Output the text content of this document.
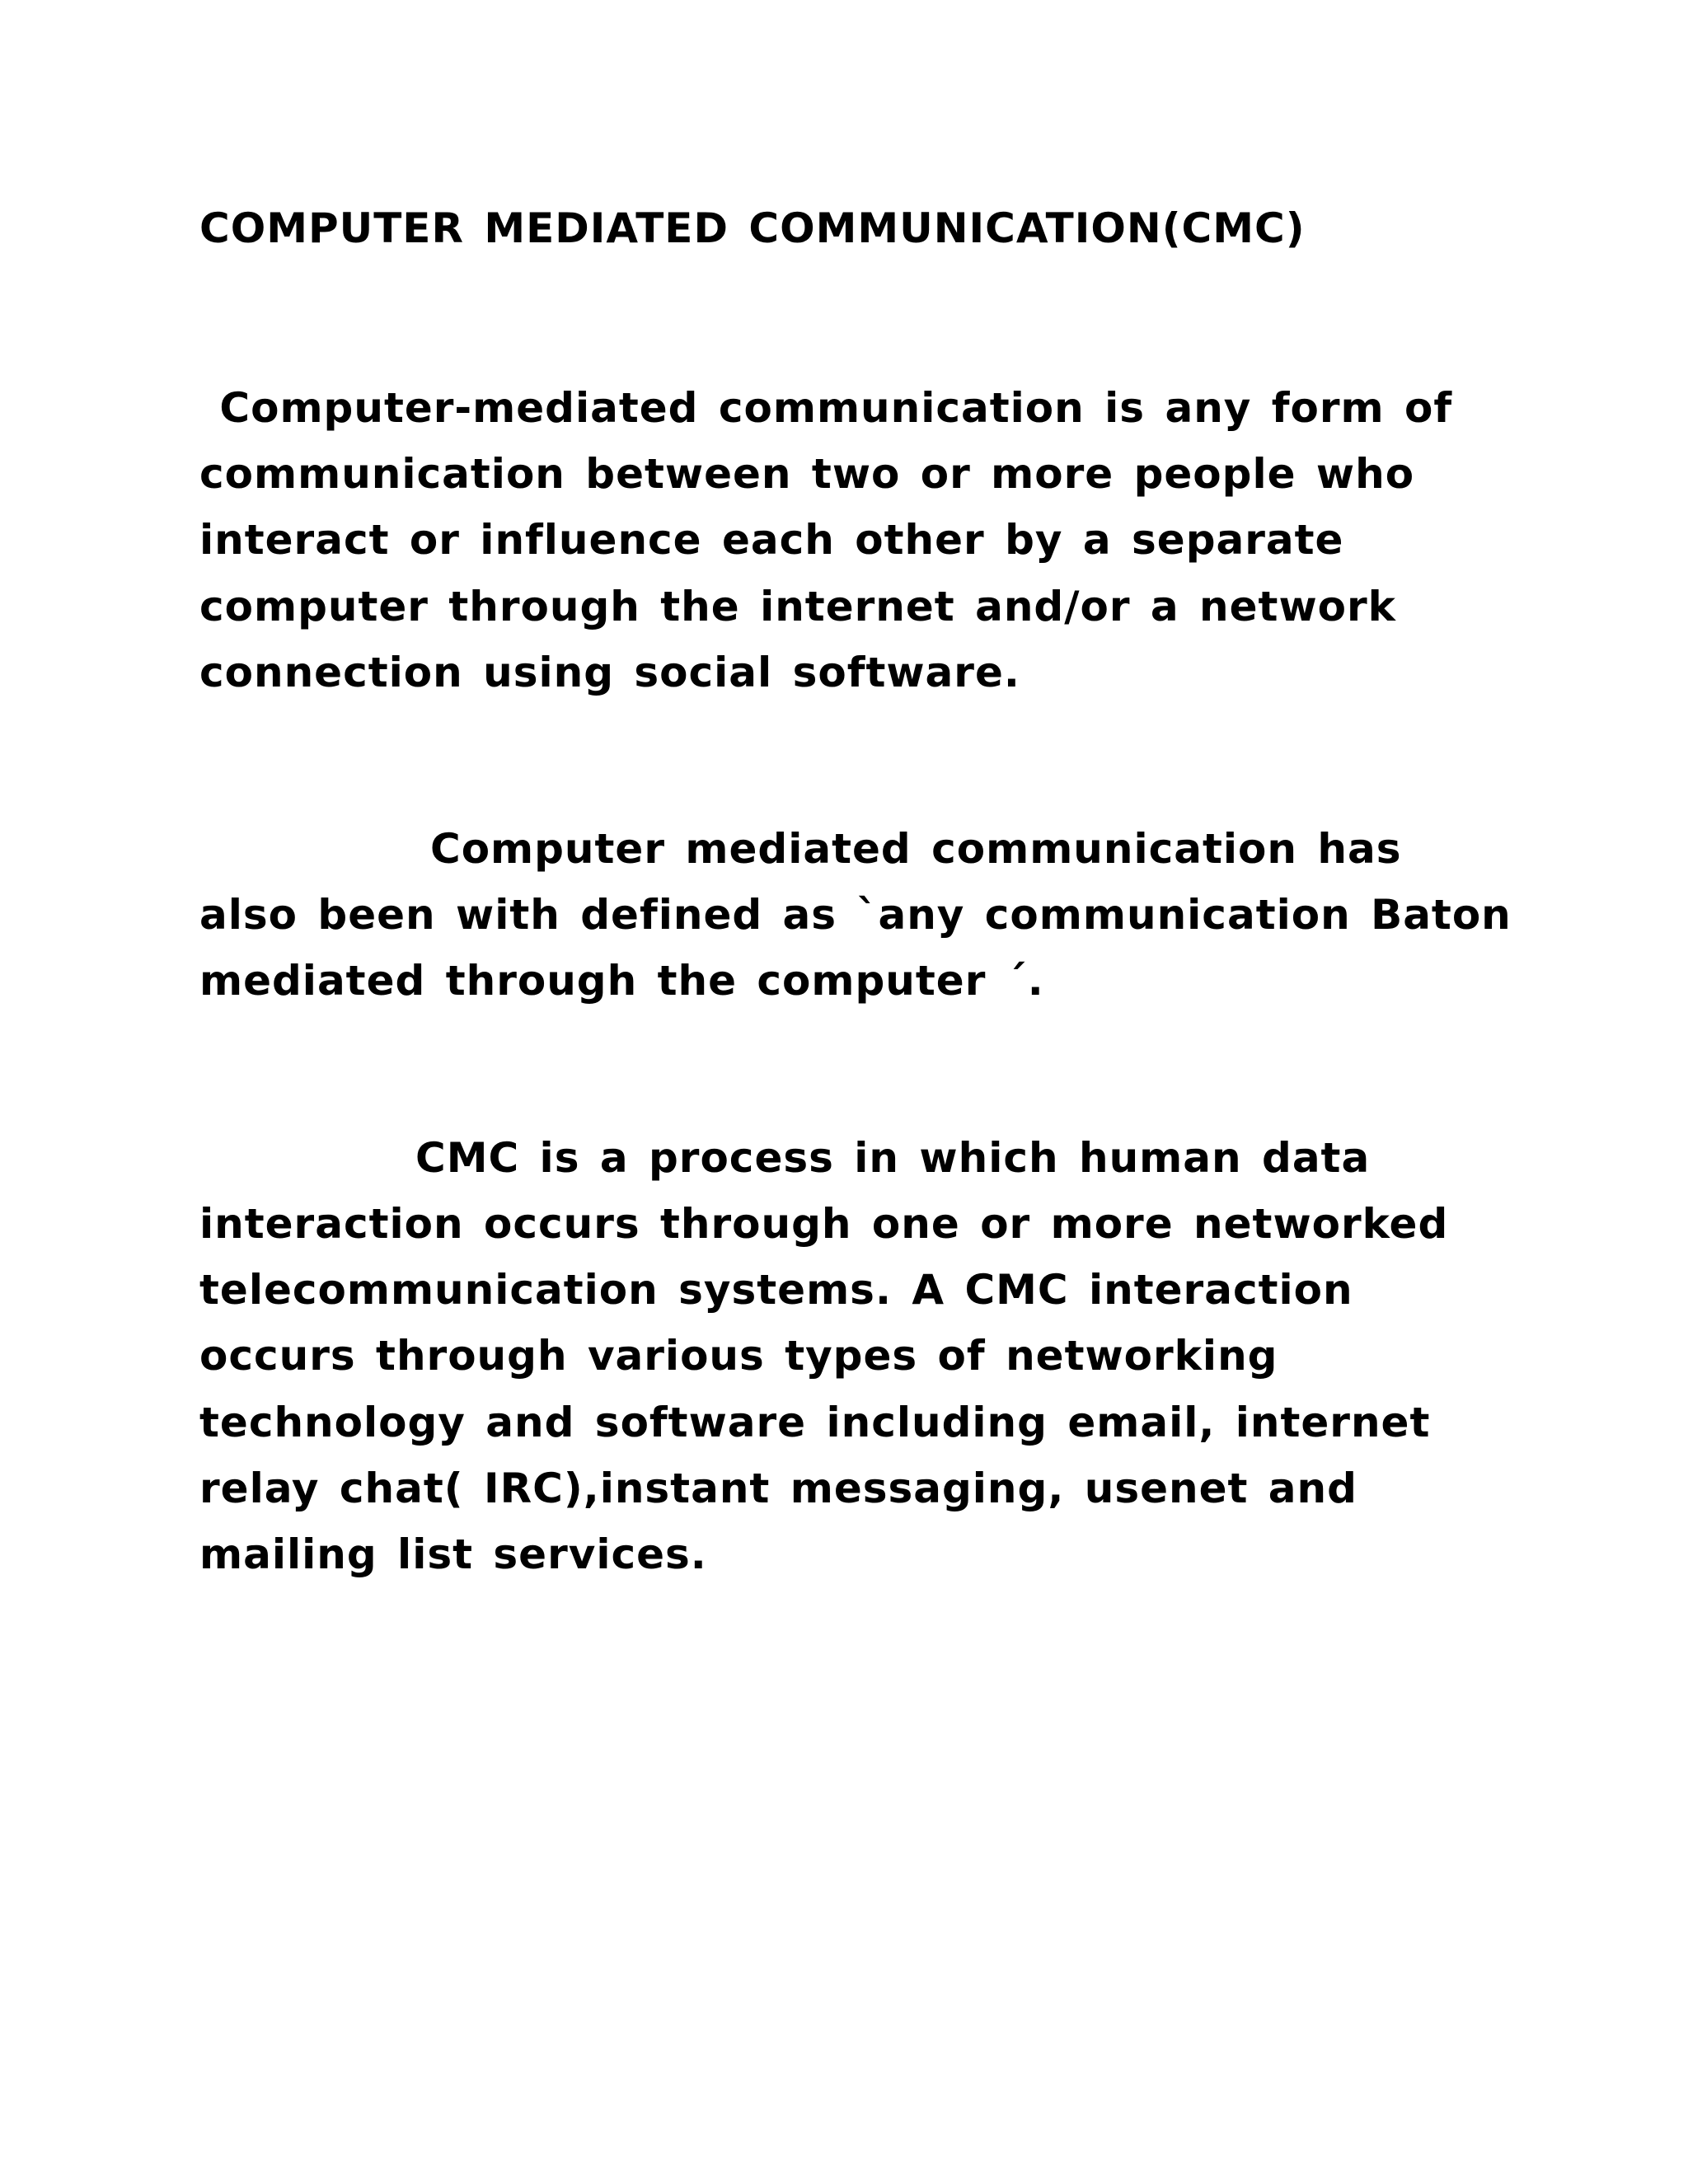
COMPUTER MEDIATED COMMUNICATION(CMC)
Computer-mediated communication is any form of
communication between two or more people who
interact or influence each other by a separate
computer through the internet and/or a network
connection using social software.
Computer mediated communication has
also been with defined as `any communication Baton
mediated through the computer ´.
CMC is a process in which human data
interaction occurs through one or more networked
telecommunication systems. A CMC interaction
occurs through various types of networking
technology and software including email, internet
relay chat( IRC),instant messaging, usenet and
mailing list services.
